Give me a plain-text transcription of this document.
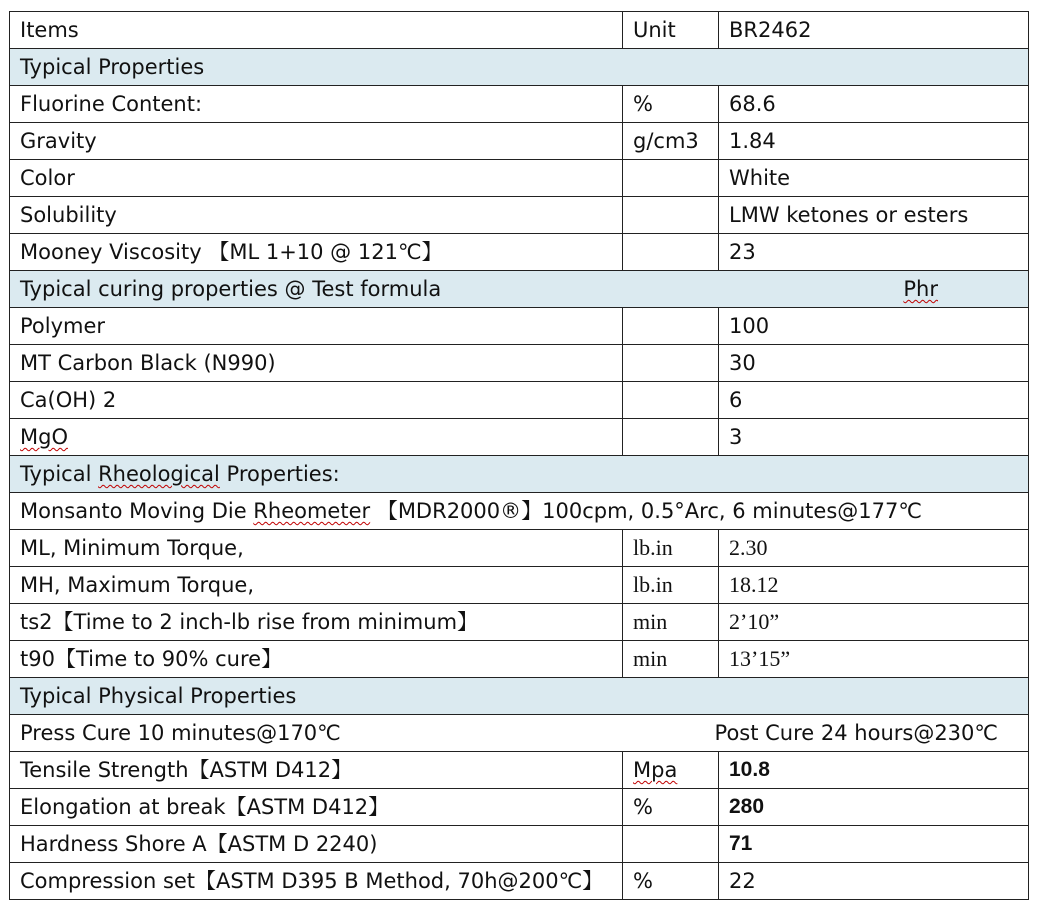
Items	Unit	BR2462
Typical Properties		
Fluorine Content:	%	68.6
Gravity	g/cm3	1.84
Color		White
Solubility		LMW ketones or esters
Mooney Viscosity 【ML 1+10 @ 121℃】		23
Typical curing properties @ Test formula Phr		

Polymer		100
MT Carbon Black (N990)		30
Ca(OH) 2		6
MgO		3
Typical Rheological Properties:		
Monsanto Moving Die Rheometer 【MDR2000®】100cpm, 0.5°Arc, 6 minutes@177℃		
ML, Minimum Torque,	lb.in	2.30
MH, Maximum Torque,	lb.in	18.12
ts2【Time to 2 inch-lb rise from minimum】	min	2’10”
t90【Time to 90% cure】	min	13’15”
Typical Physical Properties		
Press Cure 10 minutes@170℃ Post Cure 24 hours@230℃		

Tensile Strength【ASTM D412】	Mpa	10.8
Elongation at break【ASTM D412】	%	280
Hardness Shore A【ASTM D 2240)		71
Compression set【ASTM D395 B Method, 70h@200℃】	%	22
